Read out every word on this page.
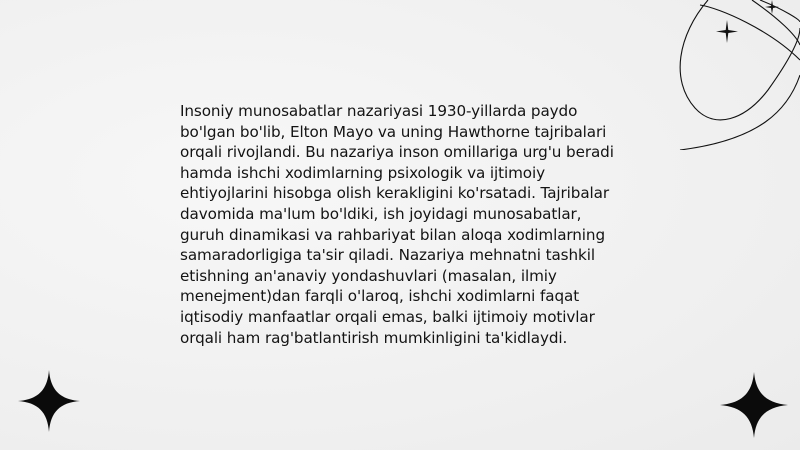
Insoniy munosabatlar nazariyasi 1930-yillarda paydo bo'lgan bo'lib, Elton Mayo va uning Hawthorne tajribalari orqali rivojlandi. Bu nazariya inson omillariga urg'u beradi hamda ishchi xodimlarning psixologik va ijtimoiy ehtiyojlarini hisobga olish kerakligini ko'rsatadi. Tajribalar davomida ma'lum bo'ldiki, ish joyidagi munosabatlar, guruh dinamikasi va rahbariyat bilan aloqa xodimlarning samaradorligiga ta'sir qiladi. Nazariya mehnatni tashkil etishning an'anaviy yondashuvlari (masalan, ilmiy menejment)dan farqli o'laroq, ishchi xodimlarni faqat iqtisodiy manfaatlar orqali emas, balki ijtimoiy motivlar orqali ham rag'batlantirish mumkinligini ta'kidlaydi.
